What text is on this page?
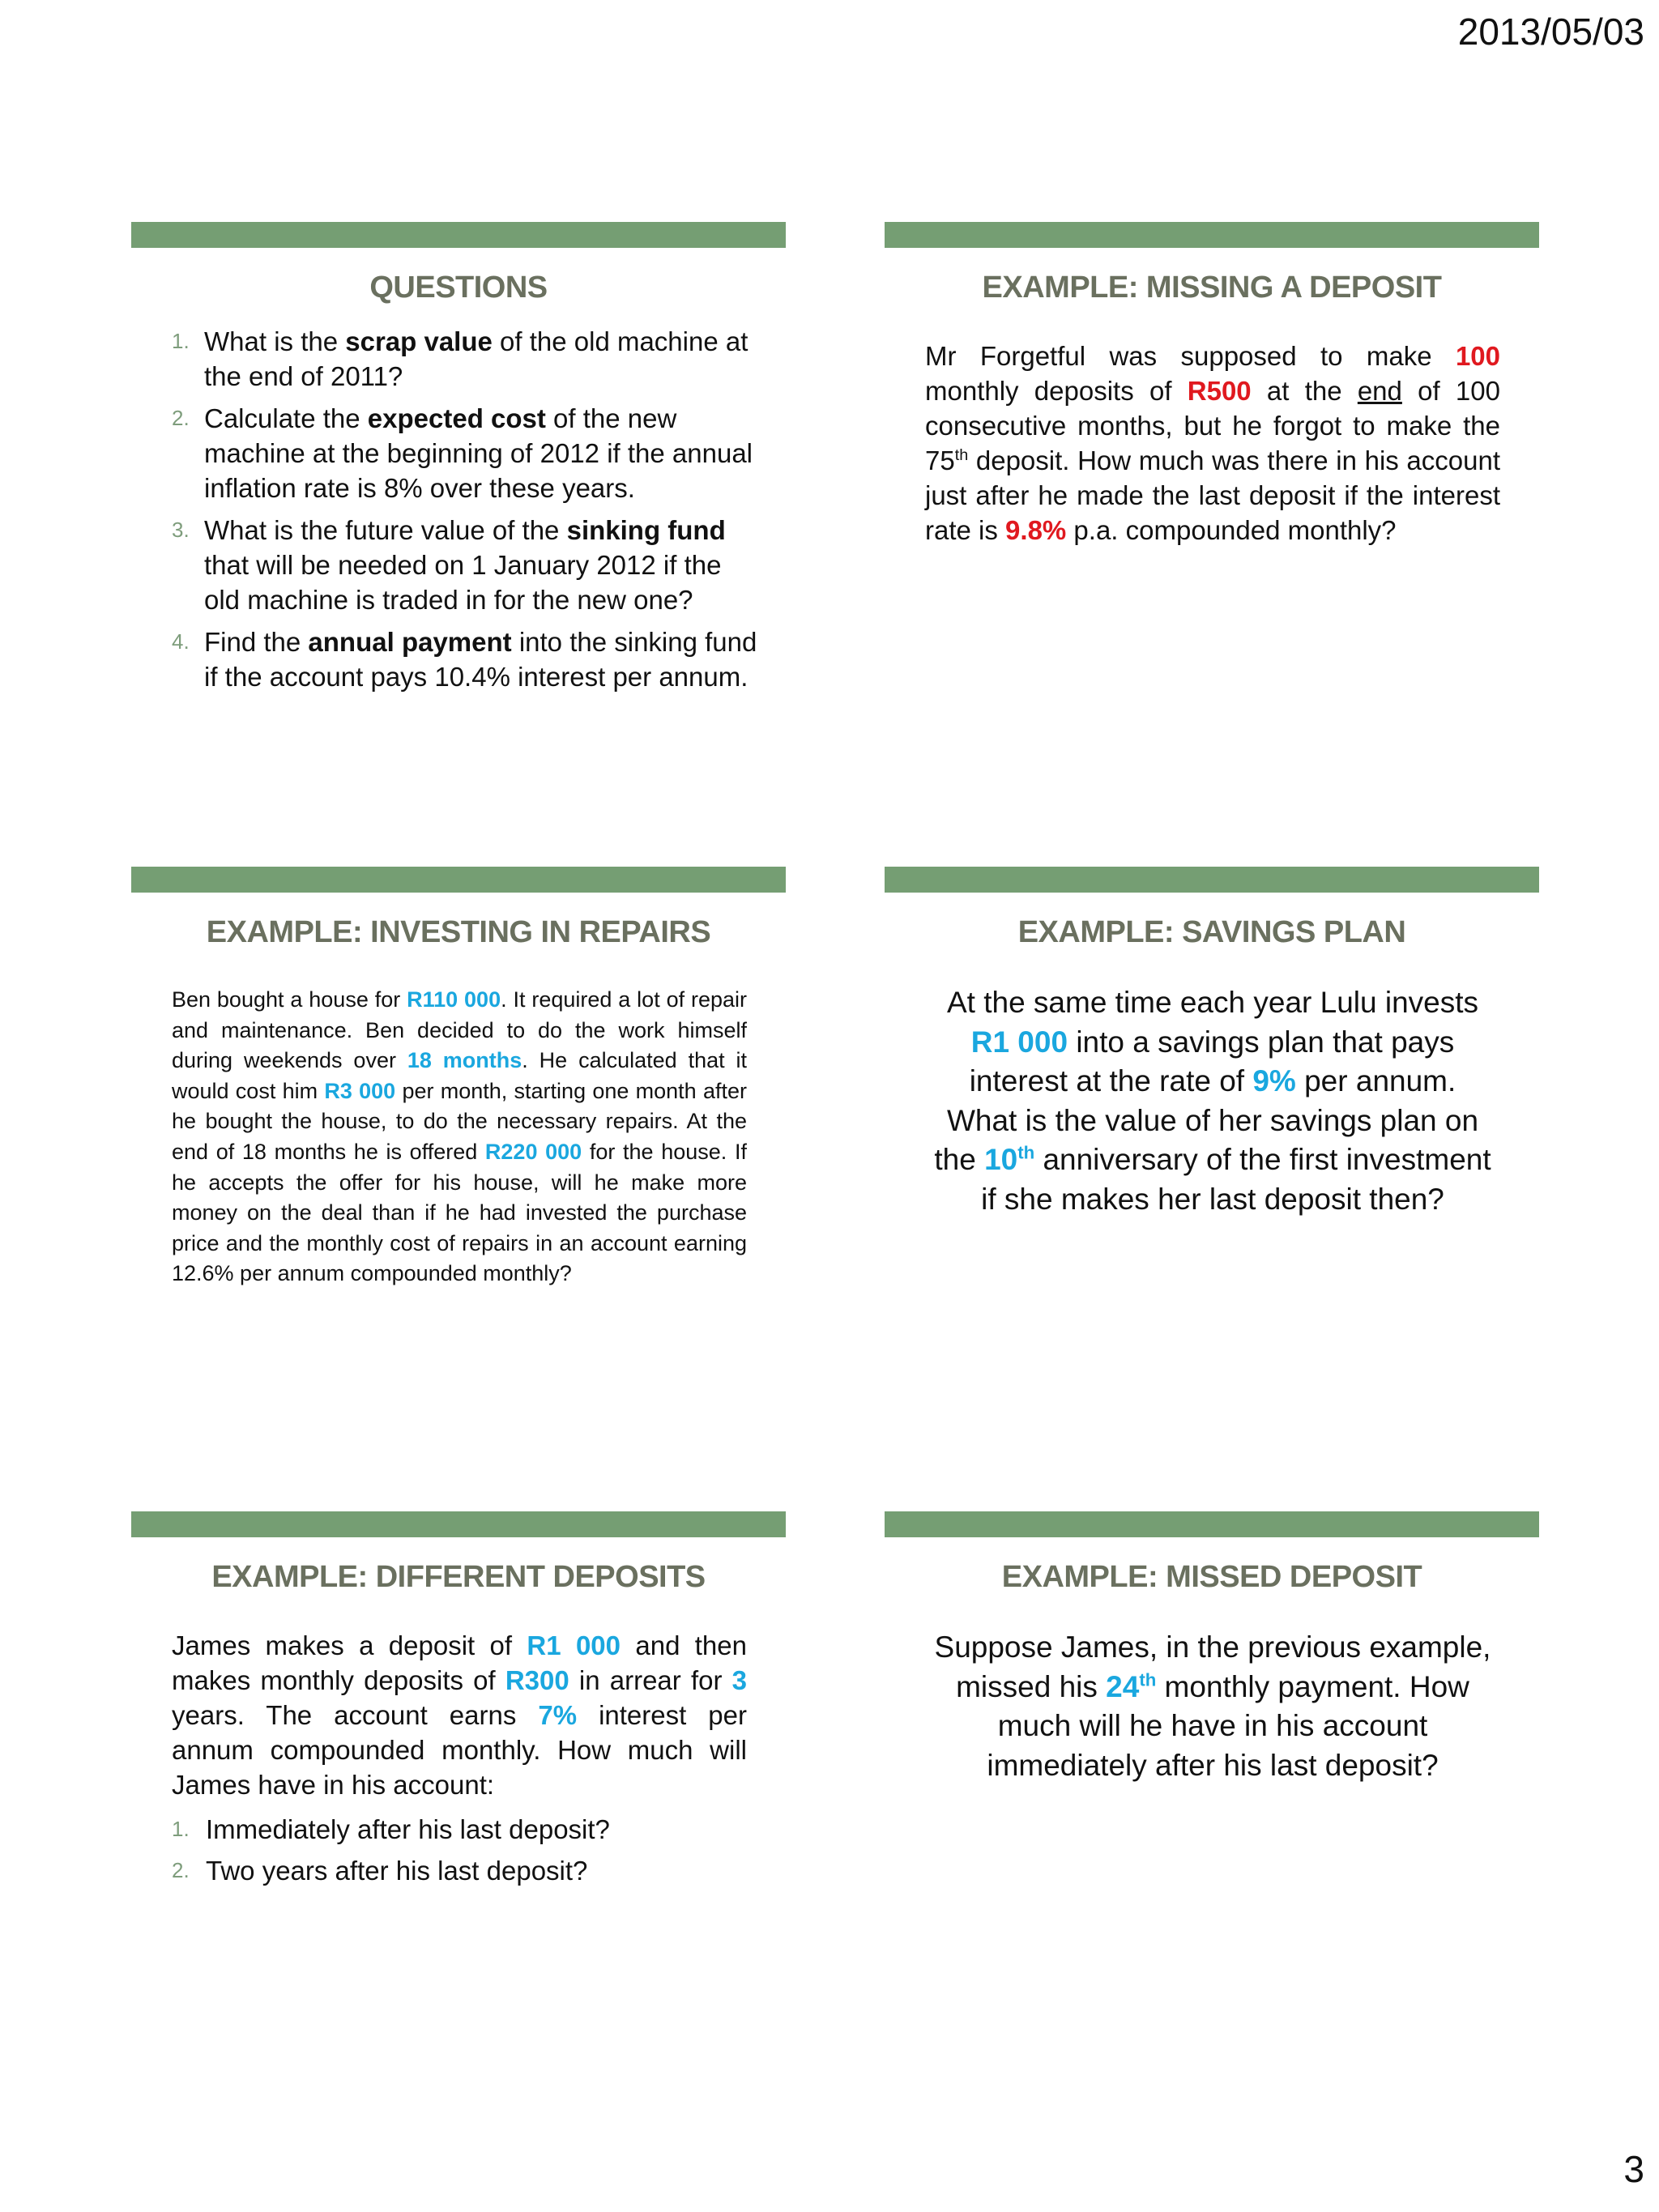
2013/05/03
QUESTIONS
1. What is the scrap value of the old machine at the end of 2011?
2. Calculate the expected cost of the new machine at the beginning of 2012 if the annual inflation rate is 8% over these years.
3. What is the future value of the sinking fund that will be needed on 1 January 2012 if the old machine is traded in for the new one?
4. Find the annual payment into the sinking fund if the account pays 10.4% interest per annum.
EXAMPLE: MISSING A DEPOSIT
Mr Forgetful was supposed to make 100 monthly deposits of R500 at the end of 100 consecutive months, but he forgot to make the 75th deposit. How much was there in his account just after he made the last deposit if the interest rate is 9.8% p.a. compounded monthly?
EXAMPLE: INVESTING IN REPAIRS
Ben bought a house for R110 000. It required a lot of repair and maintenance. Ben decided to do the work himself during weekends over 18 months. He calculated that it would cost him R3 000 per month, starting one month after he bought the house, to do the necessary repairs. At the end of 18 months he is offered R220 000 for the house. If he accepts the offer for his house, will he make more money on the deal than if he had invested the purchase price and the monthly cost of repairs in an account earning 12.6% per annum compounded monthly?
EXAMPLE: SAVINGS PLAN
At the same time each year Lulu invests R1 000 into a savings plan that pays interest at the rate of 9% per annum. What is the value of her savings plan on the 10th anniversary of the first investment if she makes her last deposit then?
EXAMPLE: DIFFERENT DEPOSITS
James makes a deposit of R1 000 and then makes monthly deposits of R300 in arrear for 3 years. The account earns 7% interest per annum compounded monthly. How much will James have in his account:
1. Immediately after his last deposit?
2. Two years after his last deposit?
EXAMPLE: MISSED DEPOSIT
Suppose James, in the previous example, missed his 24th monthly payment. How much will he have in his account immediately after his last deposit?
3
